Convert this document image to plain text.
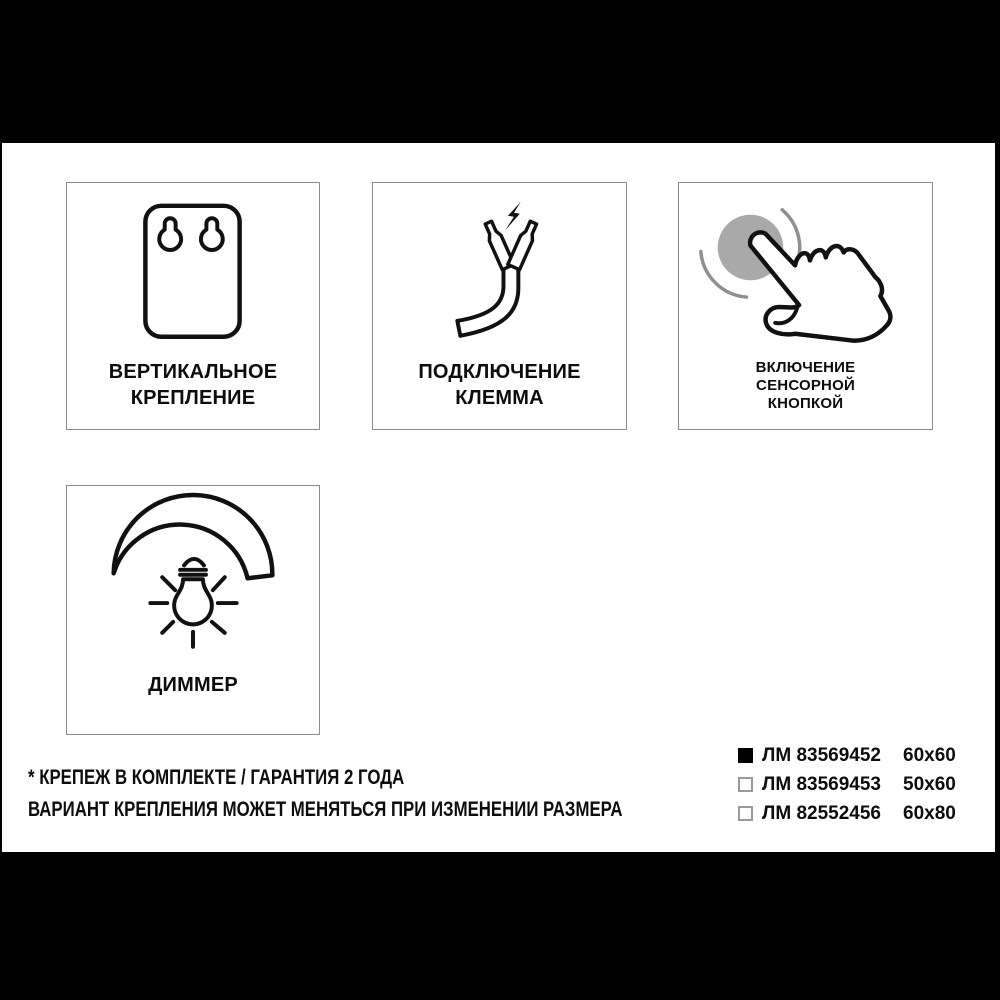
ВЕРТИКАЛЬНОЕ
КРЕПЛЕНИЕ
ПОДКЛЮЧЕНИЕ
КЛЕММА
ВКЛЮЧЕНИЕ
СЕНСОРНОЙ
КНОПКОЙ
ДИММЕР
* КРЕПЕЖ В КОМПЛЕКТЕ / ГАРАНТИЯ 2 ГОДА
ВАРИАНТ КРЕПЛЕНИЯ МОЖЕТ МЕНЯТЬСЯ ПРИ ИЗМЕНЕНИИ РАЗМЕРА
ЛМ 83569452	60x60
ЛМ 83569453	50x60
ЛМ 82552456	60x80
